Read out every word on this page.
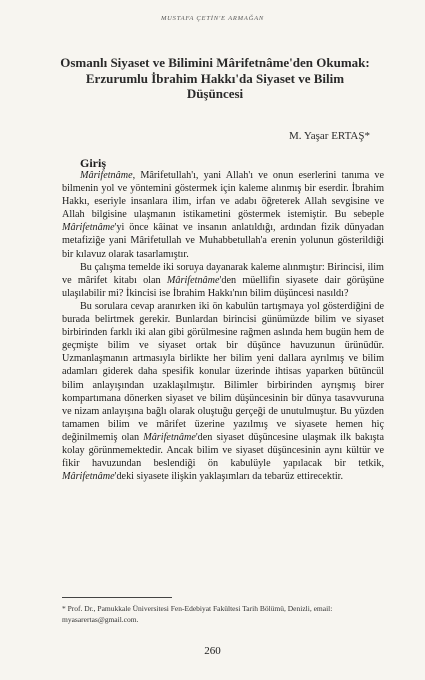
MUSTAFA ÇETİN'E ARMAĞAN
Osmanlı Siyaset ve Bilimini Mârifetnâme'den Okumak:
Erzurumlu İbrahim Hakkı'da Siyaset ve Bilim
Düşüncesi
M. Yaşar ERTAŞ*
Giriş

Mârifetnâme, Mârifetullah'ı, yani Allah'ı ve onun eserlerini tanıma ve bilmenin yol ve yöntemini göstermek için kaleme alınmış bir eserdir. İbrahim Hakkı, eseriyle insanlara ilim, irfan ve adabı öğreterek Allah sevgisine ve Allah bilgisine ulaşmanın istikametini göstermek istemiştir. Bu sebeple Mârifetnâme'yi önce kâinat ve insanın anlatıldığı, ardından fizik dünyadan metafiziğe yani Mârifetullah ve Muhabbetullah'a erenin yolunun gösterildiği bir kılavuz olarak tasarlamıştır.

Bu çalışma temelde iki soruya dayanarak kaleme alınmıştır: Birincisi, ilim ve mârifet kitabı olan Mârifetnâme'den müellifin siyasete dair görüşüne ulaşılabilir mi? İkincisi ise İbrahim Hakkı'nın bilim düşüncesi nasıldı?

Bu sorulara cevap aranırken iki ön kabulün tartışmaya yol gösterdiğini de burada belirtmek gerekir. Bunlardan birincisi günümüzde bilim ve siyaset birbirinden farklı iki alan gibi görülmesine rağmen aslında hem bugün hem de geçmişte bilim ve siyaset ortak bir düşünce havuzunun ürünüdür. Uzmanlaşmanın artmasıyla birlikte her bilim yeni dallara ayrılmış ve bilim adamları giderek daha spesifik konular üzerinde ihtisas yaparken bütüncül bilim anlayışından uzaklaşılmıştır. Bilimler birbirinden ayrışmış birer kompartımana dönerken siyaset ve bilim düşüncesinin bir dünya tasavvuruna ve nizam anlayışına bağlı olarak oluştuğu gerçeği de unutulmuştur. Bu yüzden tamamen bilim ve mârifet üzerine yazılmış ve siyasete hemen hiç değinilmemiş olan Mârifetnâme'den siyaset düşüncesine ulaşmak ilk bakışta kolay görünmemektedir. Ancak bilim ve siyaset düşüncesinin aynı kültür ve fikir havuzundan beslendiği ön kabulüyle yapılacak bir tetkik, Mârifetnâme'deki siyasete ilişkin yaklaşımları da tebarüz ettirecektir.

* Prof. Dr., Pamukkale Üniversitesi Fen-Edebiyat Fakültesi Tarih Bölümü, Denizli, email: myasarertas@gmail.com.
260
